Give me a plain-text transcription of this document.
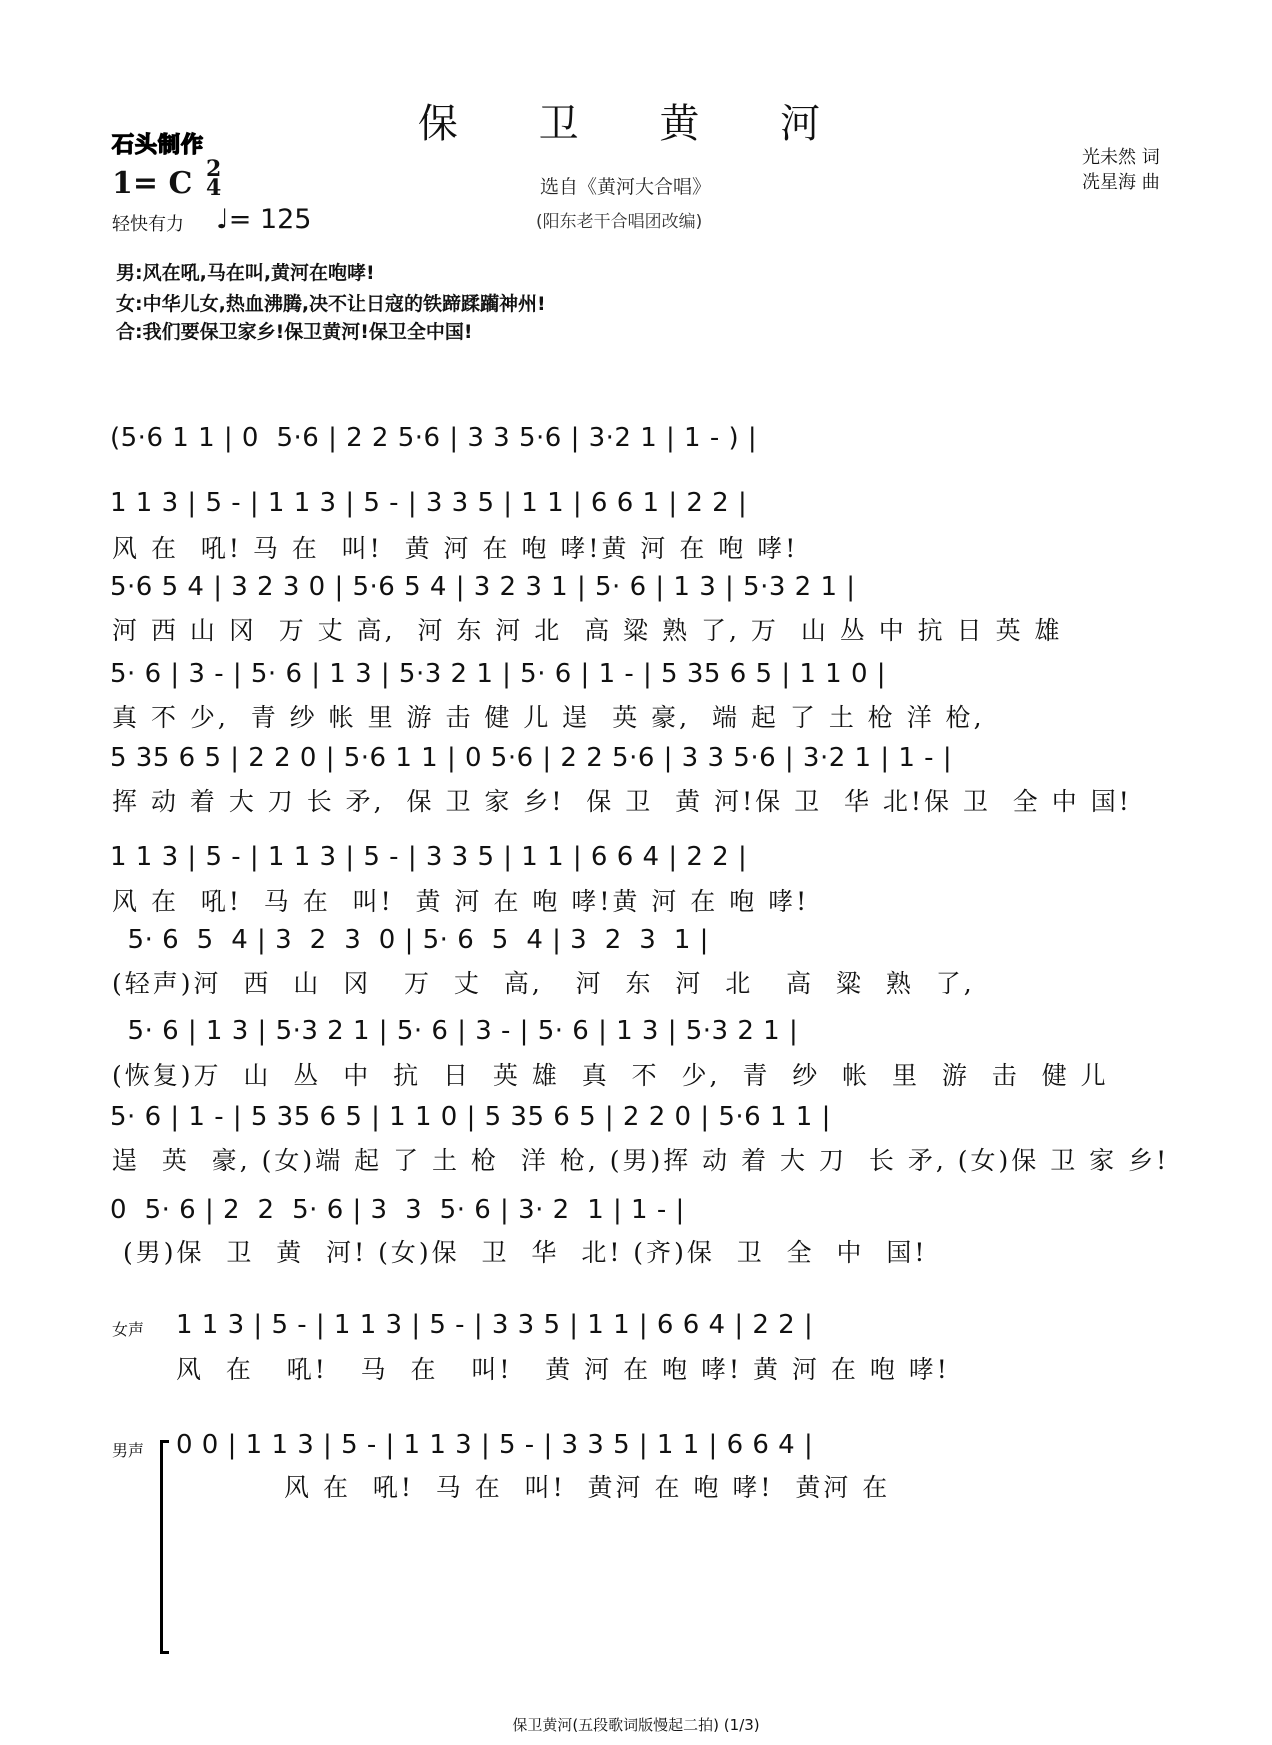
保 卫 黄 河
石头制作
1= C 2
4
轻快有力 ♩= 125
选自《黄河大合唱》
(阳东老干合唱团改编)
光未然 词
冼星海 曲
男:风在吼,马在叫,黄河在咆哮!
女:中华儿女,热血沸腾,决不让日寇的铁蹄蹂躏神州!
合:我们要保卫家乡!保卫黄河!保卫全中国!
(5·6 1 1 | 0  5·6 | 2 2 5·6 | 3 3 5·6 | 3·2 1 | 1 - ) |
1 1 3 | 5 - | 1 1 3 | 5 - | 3 3 5 | 1 1 | 6 6 1 | 2 2 |
风 在  吼! 马 在  叫!  黄 河 在 咆 哮!黄 河 在 咆 哮!
5·6 5 4 | 3 2 3 0 | 5·6 5 4 | 3 2 3 1 | 5· 6 | 1 3 | 5·3 2 1 |
河 西 山 冈  万 丈 高,  河 东 河 北  高 粱 熟 了, 万  山 丛 中 抗 日 英 雄
5· 6 | 3 - | 5· 6 | 1 3 | 5·3 2 1 | 5· 6 | 1 - | 5 35 6 5 | 1 1 0 |
真 不 少,  青 纱 帐 里 游 击 健 儿 逞  英 豪,  端 起 了 土 枪 洋 枪,
5 35 6 5 | 2 2 0 | 5·6 1 1 | 0 5·6 | 2 2 5·6 | 3 3 5·6 | 3·2 1 | 1 - |
挥 动 着 大 刀 长 矛,  保 卫 家 乡!  保 卫  黄 河!保 卫  华 北!保 卫  全 中 国!
1 1 3 | 5 - | 1 1 3 | 5 - | 3 3 5 | 1 1 | 6 6 4 | 2 2 |
风 在  吼!  马 在  叫!  黄 河 在 咆 哮!黄 河 在 咆 哮!
5· 6  5  4 | 3  2  3  0 | 5· 6  5  4 | 3  2  3  1 |
(轻声)河  西  山  冈   万  丈  高,   河  东  河  北   高  粱  熟  了,
5· 6 | 1 3 | 5·3 2 1 | 5· 6 | 3 - | 5· 6 | 1 3 | 5·3 2 1 |
(恢复)万  山  丛  中  抗  日  英 雄  真  不  少,  青  纱  帐  里  游  击  健 儿
5· 6 | 1 - | 5 35 6 5 | 1 1 0 | 5 35 6 5 | 2 2 0 | 5·6 1 1 |
逞  英  豪, (女)端 起 了 土 枪  洋 枪, (男)挥 动 着 大 刀  长 矛, (女)保 卫 家 乡!
0  5· 6 | 2  2  5· 6 | 3  3  5· 6 | 3· 2  1 | 1 - |
(男)保  卫  黄  河! (女)保  卫  华  北! (齐)保  卫  全  中  国!
女声 1 1 3 | 5 - | 1 1 3 | 5 - | 3 3 5 | 1 1 | 6 6 4 | 2 2 |
风  在   吼!   马  在   叫!   黄 河 在 咆 哮! 黄 河 在 咆 哮!
男声 0 0 | 1 1 3 | 5 - | 1 1 3 | 5 - | 3 3 5 | 1 1 | 6 6 4 |
风 在  吼!  马 在  叫!  黄河 在 咆 哮!  黄河 在
保卫黄河(五段歌词版慢起二拍) (1/3)
